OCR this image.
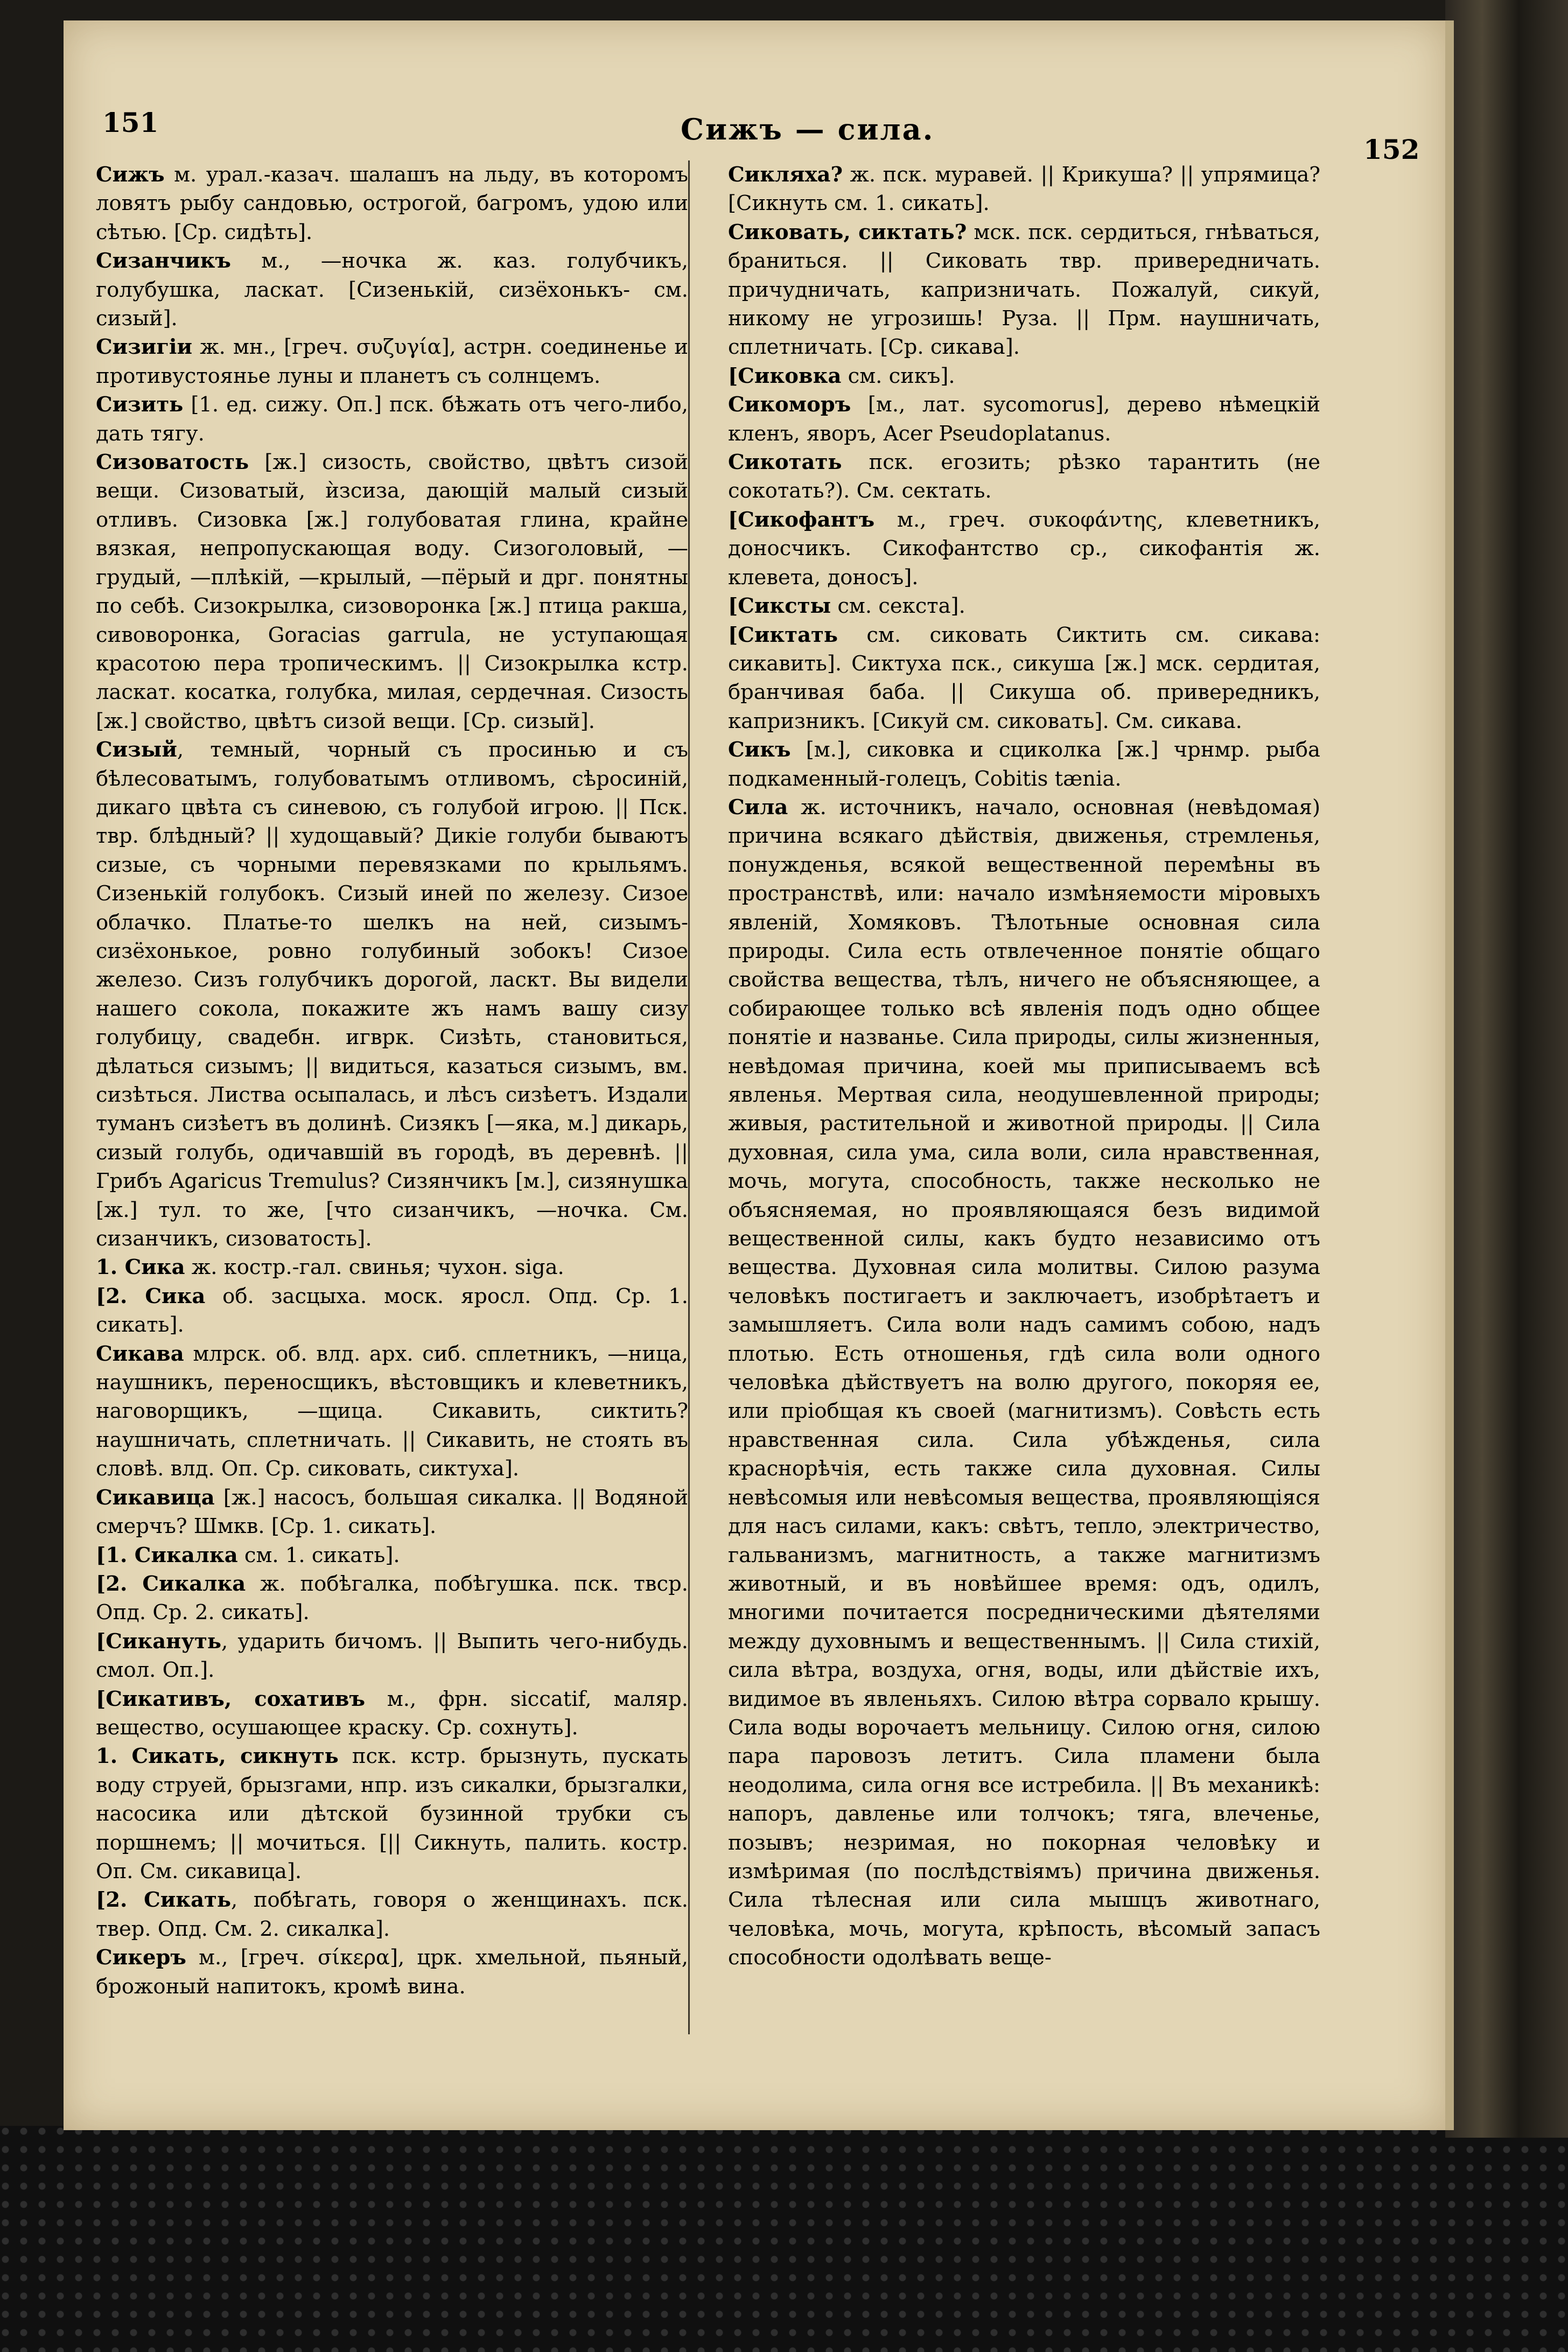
151	Сижъ — сила.
152

Сижъ м. урал.-казач. шалашъ на льду, въ которомъ ловятъ рыбу сандовью, острогой, багромъ, удою или сѣтью. [Ср. сидѣть].

Сизанчикъ м., —ночка ж. каз. голубчикъ, голубушка, ласкат. [Сизенькій, сизёхонькъ- см. сизый].

Сизигіи ж. мн., [греч. συζυγία], астрн. соединенье и противустоянье луны и планетъ съ солнцемъ.

Сизить [1. ед. сижу. Оп.] пск. бѣжать отъ чего-либо, дать тягу.

Сизоватость [ж.] сизость, свойство, цвѣтъ сизой вещи. Сизоватый, ѝзсиза, дающій малый сизый отливъ. Сизовка [ж.] голубоватая глина, крайне вязкая, непропускающая воду. Сизоголовый, —грудый, —плѣкій, —крылый, —пёрый и дрг. понятны по себѣ. Сизокрылка, сизоворонка [ж.] птица ракша, сивоворонка, Goracias garrula, не уступающая красотою пера тропическимъ. || Сизокрылка кстр. ласкат. косатка, голубка, милая, сердечная. Сизость [ж.] свойство, цвѣтъ сизой вещи. [Ср. сизый].

Сизый, темный, чорный съ просинью и съ бѣлесоватымъ, голубоватымъ отливомъ, сѣросиній, дикаго цвѣта съ синевою, съ голубой игрою. || Пск. твр. блѣдный? || худощавый? Дикіе голуби бываютъ сизые, съ чорными перевязками по крыльямъ. Сизенькій голубокъ. Сизый иней по железу. Сизое облачко. Платье-то шелкъ на ней, сизымъ-сизёхонькое, ровно голубиный зобокъ! Сизое железо. Сизъ голубчикъ дорогой, ласкт. Вы видели нашего сокола, покажите жъ намъ вашу сизу голубицу, свадебн. игврк. Сизѣть, становиться, дѣлаться сизымъ; || видиться, казаться сизымъ, вм. сизѣться. Листва осыпалась, и лѣсъ сизѣетъ. Издали туманъ сизѣетъ въ долинѣ. Сизякъ [—яка, м.] дикарь, сизый голубь, одичавшій въ городѣ, въ деревнѣ. || Грибъ Agaricus Tremulus? Сизянчикъ [м.], сизянушка [ж.] тул. то же, [что сизанчикъ, —ночка. См. сизанчикъ, сизоватость].

1. Сика ж. костр.-гал. свинья; чухон. siga.

[2. Сика об. засцыха. моск. яросл. Опд. Ср. 1. сикать].

Сикава млрск. об. влд. арх. сиб. сплетникъ, —ница, наушникъ, переносщикъ, вѣстовщикъ и клеветникъ, наговорщикъ, —щица. Сикавить, сиктить? наушничать, сплетничать. || Сикавить, не стоять въ словѣ. влд. Оп. Ср. сиковать, сиктуха].

Сикавица [ж.] насосъ, большая сикалка. || Водяной смерчъ? Шмкв. [Ср. 1. сикать].

[1. Сикалка см. 1. сикать].

[2. Сикалка ж. побѣгалка, побѣгушка. пск. твср. Опд. Ср. 2. сикать].

[Сикануть, ударить бичомъ. || Выпить чего-нибудь. смол. Оп.].

[Сикативъ, сохативъ м., фрн. siccatif, маляр. вещество, осушающее краску. Ср. сохнуть].

1. Сикать, сикнуть пск. кстр. брызнуть, пускать воду струей, брызгами, нпр. изъ сикалки, брызгалки, насосика или дѣтской бузинной трубки съ поршнемъ; || мочиться. [|| Сикнуть, палить. костр. Оп. См. сикавица].

[2. Сикать, побѣгать, говоря о женщинахъ. пск. твер. Опд. См. 2. сикалка].

Сикеръ м., [греч. σίκερα], црк. хмельной, пьяный, брожоный напитокъ, кромѣ вина.

Сикляха? ж. пск. муравей. || Крикуша? || упрямица? [Сикнуть см. 1. сикать].

Сиковать, сиктать? мск. пск. сердиться, гнѣваться, браниться. || Сиковать твр. привередничать. причудничать, капризничать. Пожалуй, сикуй, никому не угрозишь! Руза. || Прм. наушничать, сплетничать. [Ср. сикава].

[Сиковка см. сикъ].

Сикоморъ [м., лат. sycomorus], дерево нѣмецкій кленъ, яворъ, Acer Pseudoplatanus.

Сикотать пск. егозить; рѣзко тарантить (не сокотать?). См. сектать.

[Сикофантъ м., греч. συκοφάντης, клеветникъ, доносчикъ. Сикофантство ср., сикофантія ж. клевета, доносъ].

[Сиксты см. секста].

[Сиктать см. сиковать Сиктить см. сикава: сикавить]. Сиктуха пск., сикуша [ж.] мск. сердитая, бранчивая баба. || Сикуша об. привередникъ, капризникъ. [Сикуй см. сиковать]. См. сикава.

Сикъ [м.], сиковка и сциколка [ж.] чрнмр. рыба подкаменный-голецъ, Cobitis tænia.

Сила ж. источникъ, начало, основная (невѣдомая) причина всякаго дѣйствія, движенья, стремленья, понужденья, всякой вещественной перемѣны въ пространствѣ, или: начало измѣняемости міровыхъ явленій, Хомяковъ. Тѣлотьные основная сила природы. Сила есть отвлеченное понятіе общаго свойства вещества, тѣлъ, ничего не объясняющее, а собирающее только всѣ явленія подъ одно общее понятіе и названье. Сила природы, силы жизненныя, невѣдомая причина, коей мы приписываемъ всѣ явленья. Мертвая сила, неодушевленной природы; живыя, растительной и животной природы. || Сила духовная, сила ума, сила воли, сила нравственная, мочь, могута, способность, также несколько не объясняемая, но проявляющаяся безъ видимой вещественной силы, какъ будто независимо отъ вещества. Духовная сила молитвы. Силою разума человѣкъ постигаетъ и заключаетъ, изобрѣтаетъ и замышляетъ. Сила воли надъ самимъ собою, надъ плотью. Есть отношенья, гдѣ сила воли одного человѣка дѣйствуетъ на волю другого, покоряя ее, или пріобщая къ своей (магнитизмъ). Совѣсть есть нравственная сила. Сила убѣжденья, сила краснорѣчія, есть также сила духовная. Силы невѣсомыя или невѣсомыя вещества, проявляющіяся для насъ силами, какъ: свѣтъ, тепло, электричество, гальванизмъ, магнитность, а также магнитизмъ животный, и въ новѣйшее время: одъ, одилъ, многими почитается посредническими дѣятелями между духовнымъ и вещественнымъ. || Сила стихій, сила вѣтра, воздуха, огня, воды, или дѣйствіе ихъ, видимое въ явленьяхъ. Силою вѣтра сорвало крышу. Сила воды ворочаетъ мельницу. Силою огня, силою пара паровозъ летитъ. Сила пламени была неодолима, сила огня все истребила. || Въ механикѣ: напоръ, давленье или толчокъ; тяга, влеченье, позывъ; незримая, но покорная человѣку и измѣримая (по послѣдствіямъ) причина движенья. Сила тѣлесная или сила мышцъ животнаго, человѣка, мочь, могута, крѣпость, вѣсомый запасъ способности одолѣвать веще-
